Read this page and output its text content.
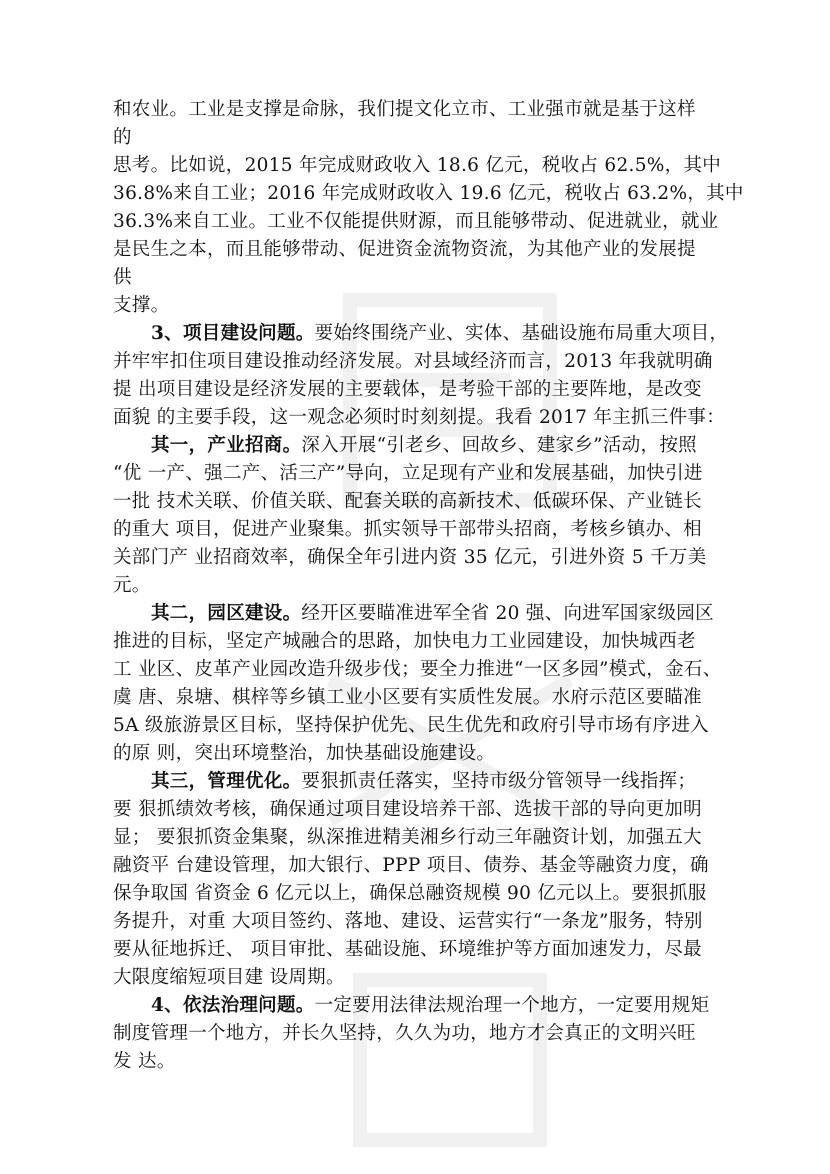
和农业。工业是支撑是命脉，我们提文化立市、工业强市就是基于这样
的
思考。比如说，2015 年完成财政收入 18.6 亿元，税收占 62.5%，其中
36.8%来自工业；2016 年完成财政收入 19.6 亿元，税收占 63.2%，其中
36.3%来自工业。工业不仅能提供财源，而且能够带动、促进就业，就业
是民生之本，而且能够带动、促进资金流物资流，为其他产业的发展提
供
支撑。
3、项目建设问题。要始终围绕产业、实体、基础设施布局重大项目，
并牢牢扣住项目建设推动经济发展。对县域经济而言，2013 年我就明确
提 出项目建设是经济发展的主要载体，是考验干部的主要阵地，是改变
面貌 的主要手段，这一观念必须时时刻刻提。我看 2017 年主抓三件事：
其一，产业招商。深入开展“引老乡、回故乡、建家乡”活动，按照
“优 一产、强二产、活三产”导向，立足现有产业和发展基础，加快引进
一批 技术关联、价值关联、配套关联的高新技术、低碳环保、产业链长
的重大 项目，促进产业聚集。抓实领导干部带头招商，考核乡镇办、相
关部门产 业招商效率，确保全年引进内资 35 亿元，引进外资 5 千万美
元。
其二，园区建设。经开区要瞄准进军全省 20 强、向进军国家级园区
推进的目标，坚定产城融合的思路，加快电力工业园建设，加快城西老
工 业区、皮革产业园改造升级步伐；要全力推进“一区多园”模式，金石、
虞 唐、泉塘、棋梓等乡镇工业小区要有实质性发展。水府示范区要瞄准
5A 级旅游景区目标，坚持保护优先、民生优先和政府引导市场有序进入
的原 则，突出环境整治，加快基础设施建设。
其三，管理优化。要狠抓责任落实，坚持市级分管领导一线指挥；
要 狠抓绩效考核，确保通过项目建设培养干部、选拔干部的导向更加明
显； 要狠抓资金集聚，纵深推进精美湘乡行动三年融资计划，加强五大
融资平 台建设管理，加大银行、PPP 项目、债券、基金等融资力度，确
保争取国 省资金 6 亿元以上，确保总融资规模 90 亿元以上。要狠抓服
务提升，对重 大项目签约、落地、建设、运营实行“一条龙”服务，特别
要从征地拆迁、 项目审批、基础设施、环境维护等方面加速发力，尽最
大限度缩短项目建 设周期。
4、依法治理问题。一定要用法律法规治理一个地方，一定要用规矩
制度管理一个地方，并长久坚持，久久为功，地方才会真正的文明兴旺
发 达。
